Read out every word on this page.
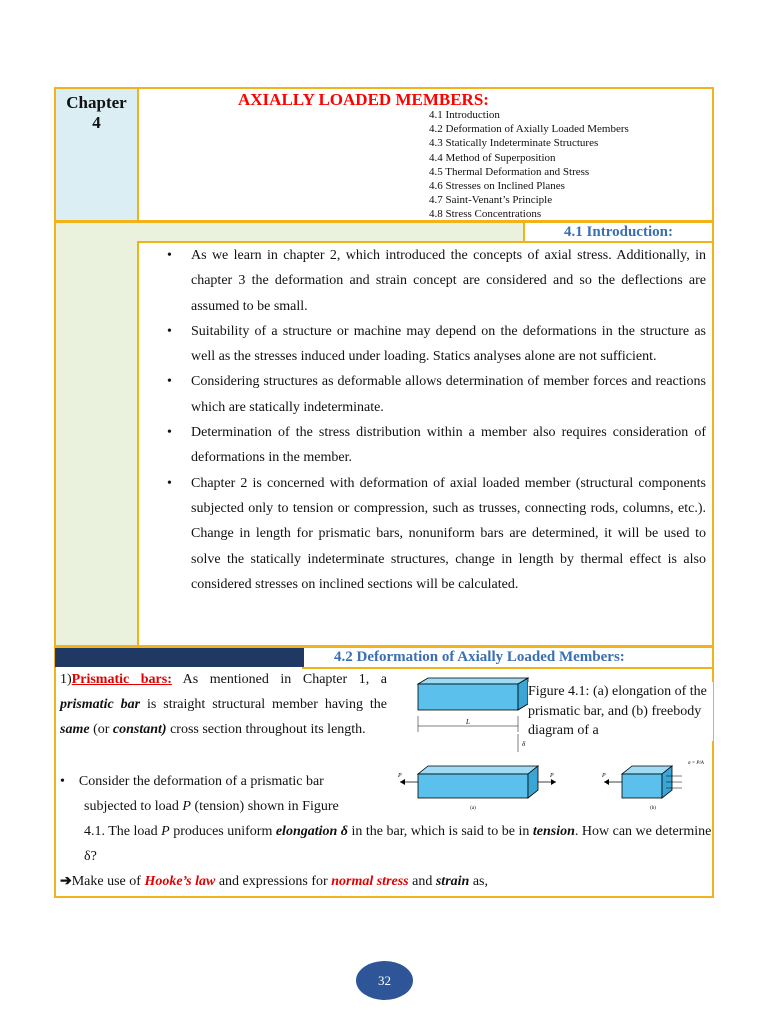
Chapter
4
AXIALLY LOADED MEMBERS:
4.1 Introduction
4.2 Deformation of Axially Loaded Members
4.3 Statically Indeterminate Structures
4.4 Method of Superposition
4.5 Thermal Deformation and Stress
4.6 Stresses on Inclined Planes
4.7 Saint-Venant’s Principle
4.8 Stress Concentrations
4.1 Introduction:
• As we learn in chapter 2, which introduced the concepts of axial stress. Additionally, in chapter 3 the deformation and strain concept are considered and so the deflections are assumed to be small.
• Suitability of a structure or machine may depend on the deformations in the structure as well as the stresses induced under loading. Statics analyses alone are not sufficient.
• Considering structures as deformable allows determination of member forces and reactions which are statically indeterminate.
• Determination of the stress distribution within a member also requires consideration of deformations in the member.
• Chapter 2 is concerned with deformation of axial loaded member (structural components subjected only to tension or compression, such as trusses, connecting rods, columns, etc.). Change in length for prismatic bars, nonuniform bars are determined, it will be used to solve the statically indeterminate structures, change in length by thermal effect is also considered stresses on inclined sections will be calculated.
4.2 Deformation of Axially Loaded Members:
1)Prismatic bars: As mentioned in Chapter 1, a prismatic bar is straight structural member having the same (or constant) cross section throughout its length.
• Consider the deformation of a prismatic bar
subjected to load P (tension) shown in Figure
4.1. The load P produces uniform elongation δ in the bar, which is said to be in tension. How can we determine δ?
➔Make use of Hooke’s law and expressions for normal stress and strain as,
L
δ
P	P
(a)
P
σ = P/A
(b)
Figure 4.1: (a) elongation of the prismatic bar, and (b) freebody diagram of a
32
